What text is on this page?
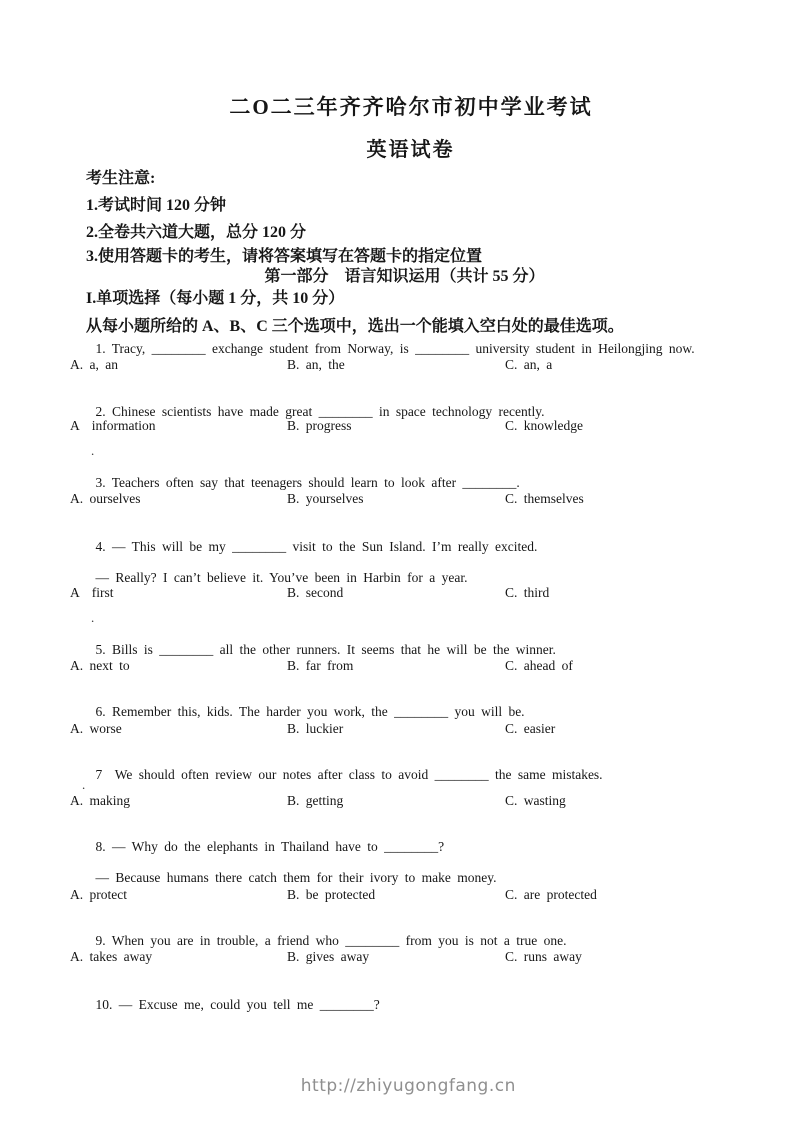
二O二三年齐齐哈尔市初中学业考试

英语试卷

考生注意:

1.考试时间 120 分钟

2.全卷共六道大题，总分 120 分

3.使用答题卡的考生，请将答案填写在答题卡的指定位置

第一部分　语言知识运用（共计 55 分）

I.单项选择（每小题 1 分，共 10 分）

从每小题所给的 A、B、C 三个选项中，选出一个能填入空白处的最佳选项。

1. Tracy, ________ exchange student from Norway, is ________ university student in Heilongjing now.

A. a, an

	B. an, the

	C. an, a

2. Chinese scientists have made great ________ in space technology recently.

A  information

	B. progress

	C. knowledge

.

3. Teachers often say that teenagers should learn to look after ________.

A. ourselves

	B. yourselves

	C. themselves

4. — This will be my ________ visit to the Sun Island. I’m really excited.

— Really? I can’t believe it. You’ve been in Harbin for a year.

A  first

	B. second

	C. third

.

5. Bills is ________ all the other runners. It seems that he will be the winner.

A. next to

	B. far from

	C. ahead of

6. Remember this, kids. The harder you work, the ________ you will be.

A. worse

	B. luckier

	C. easier

7  We should often review our notes after class to avoid ________ the same mistakes.

.

A. making

	B. getting

	C. wasting

8. — Why do the elephants in Thailand have to ________?

— Because humans there catch them for their ivory to make money.

A. protect

	B. be protected

	C. are protected

9. When you are in trouble, a friend who ________ from you is not a true one.

A. takes away

	B. gives away

	C. runs away

10. — Excuse me, could you tell me ________?

http://zhiyugongfang.cn
